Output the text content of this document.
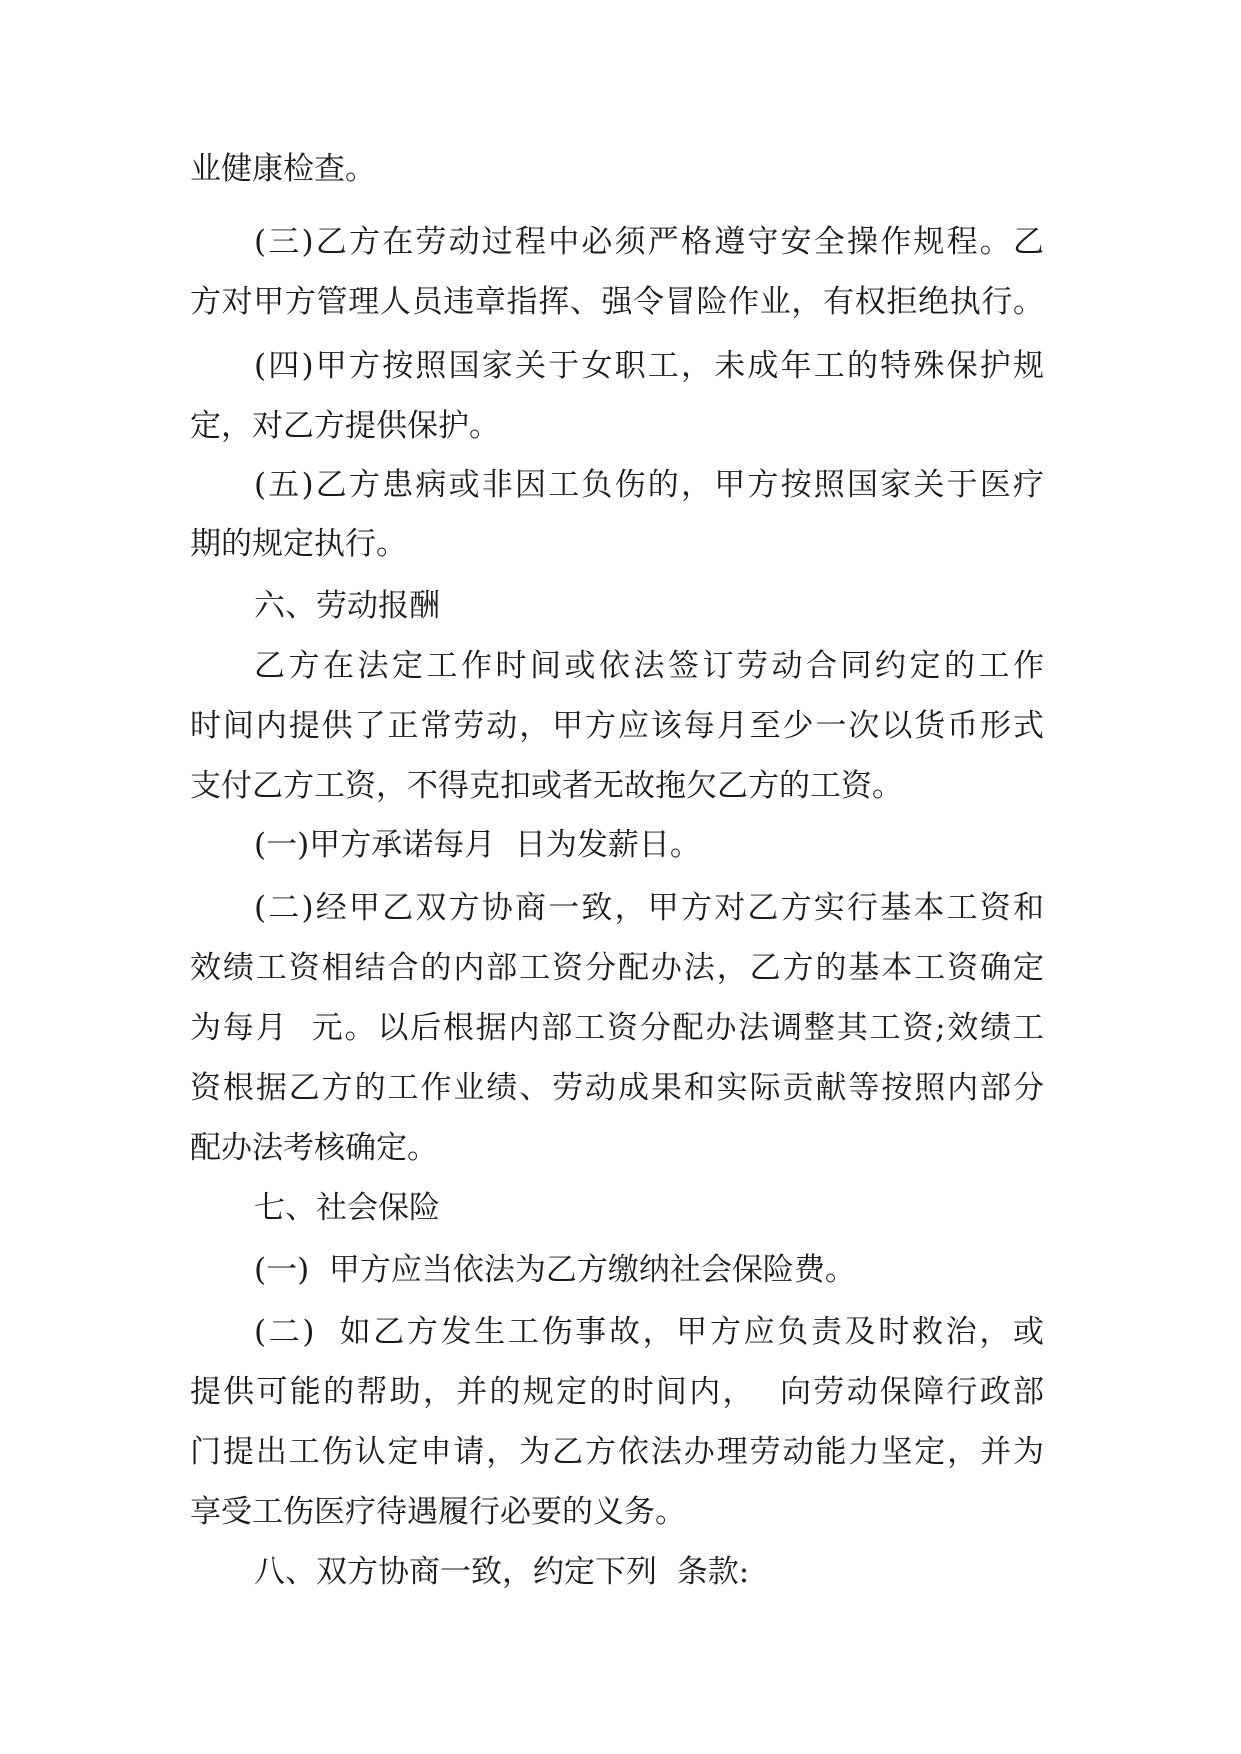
业健康检查。
(三)乙方在劳动过程中必须严格遵守安全操作规程。乙
方对甲方管理人员违章指挥、强令冒险作业，有权拒绝执行。
(四)甲方按照国家关于女职工，未成年工的特殊保护规
定，对乙方提供保护。
(五)乙方患病或非因工负伤的，甲方按照国家关于医疗
期的规定执行。
六、劳动报酬
乙方在法定工作时间或依法签订劳动合同约定的工作
时间内提供了正常劳动，甲方应该每月至少一次以货币形式
支付乙方工资，不得克扣或者无故拖欠乙方的工资。
(一)甲方承诺每月  日为发薪日。
(二)经甲乙双方协商一致，甲方对乙方实行基本工资和
效绩工资相结合的内部工资分配办法，乙方的基本工资确定
为每月  元。以后根据内部工资分配办法调整其工资;效绩工
资根据乙方的工作业绩、劳动成果和实际贡献等按照内部分
配办法考核确定。
七、社会保险
(一)  甲方应当依法为乙方缴纳社会保险费。
(二)  如乙方发生工伤事故，甲方应负责及时救治，或
提供可能的帮助，并的规定的时间内，  向劳动保障行政部
门提出工伤认定申请，为乙方依法办理劳动能力坚定，并为
享受工伤医疗待遇履行必要的义务。
八、双方协商一致，约定下列  条款:
